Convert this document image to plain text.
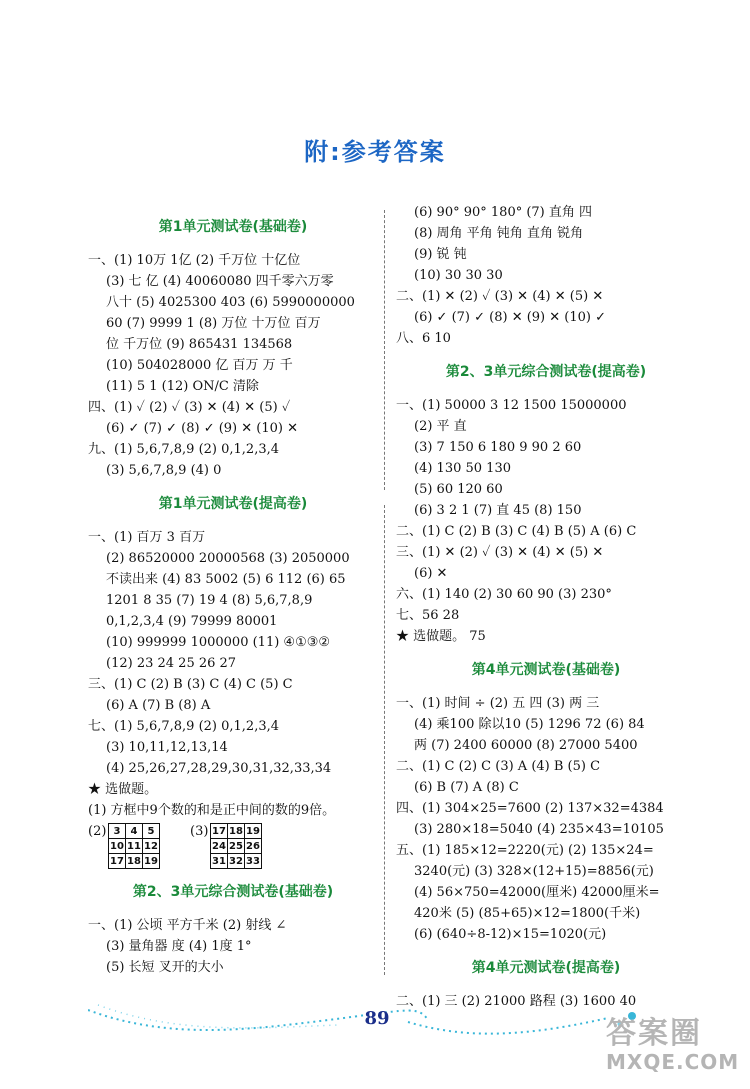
附:参考答案
第1单元测试卷(基础卷)
一、(1) 10万 1亿 (2) 千万位 十亿位
(3) 七 亿 (4) 40060080 四千零六万零
八十 (5) 4025300 403 (6) 5990000000
60 (7) 9999 1 (8) 万位 十万位 百万
位 千万位 (9) 865431 134568
(10) 504028000 亿 百万 万 千
(11) 5 1 (12) ON/C 清除
四、(1) ✓ (2) ✓ (3) ✕ (4) ✕ (5) ✓
(6) ✓ (7) ✓ (8) ✓ (9) ✕ (10) ✕
九、(1) 5,6,7,8,9 (2) 0,1,2,3,4
(3) 5,6,7,8,9 (4) 0
第1单元测试卷(提高卷)
一、(1) 百万 3 百万
(2) 86520000 20000568 (3) 2050000
不读出来 (4) 83 5002 (5) 6 112 (6) 65
1201 8 35 (7) 19 4 (8) 5,6,7,8,9
0,1,2,3,4 (9) 79999 80001
(10) 999999 1000000 (11) ④①③②
(12) 23 24 25 26 27
三、(1) C (2) B (3) C (4) C (5) C
(6) A (7) B (8) A
七、(1) 5,6,7,8,9 (2) 0,1,2,3,4
(3) 10,11,12,13,14
(4) 25,26,27,28,29,30,31,32,33,34
★ 选做题。
(1) 方框中9个数的和是正中间的数的9倍。
(2) 3	4	5
10	11	12
17	18	19
(3) 17	18	19
24	25	26
31	32	33
第2、3单元综合测试卷(基础卷)
一、(1) 公顷 平方千米 (2) 射线 ∠
(3) 量角器 度 (4) 1度 1°
(5) 长短 叉开的大小
(6) 90° 90° 180° (7) 直角 四
(8) 周角 平角 钝角 直角 锐角
(9) 锐 钝
(10) 30 30 30
二、(1) ✕ (2) ✓ (3) ✕ (4) ✕ (5) ✕
(6) ✓ (7) ✓ (8) ✕ (9) ✕ (10) ✓
八、6 10
第2、3单元综合测试卷(提高卷)
一、(1) 50000 3 12 1500 15000000
(2) 平 直
(3) 7 150 6 180 9 90 2 60
(4) 130 50 130
(5) 60 120 60
(6) 3 2 1 (7) 直 45 (8) 150
二、(1) C (2) B (3) C (4) B (5) A (6) C
三、(1) ✕ (2) ✓ (3) ✕ (4) ✕ (5) ✕
(6) ✕
六、(1) 140 (2) 30 60 90 (3) 230°
七、56 28
★ 选做题。 75
第4单元测试卷(基础卷)
一、(1) 时间 ÷ (2) 五 四 (3) 两 三
(4) 乘100 除以10 (5) 1296 72 (6) 84
两 (7) 2400 60000 (8) 27000 5400
二、(1) C (2) C (3) A (4) B (5) C
(6) B (7) A (8) C
四、(1) 304×25=7600 (2) 137×32=4384
(3) 280×18=5040 (4) 235×43=10105
五、(1) 185×12=2220(元) (2) 135×24=
3240(元) (3) 328×(12+15)=8856(元)
(4) 56×750=42000(厘米) 42000厘米=
420米 (5) (85+65)×12=1800(千米)
(6) (640÷8-12)×15=1020(元)
第4单元测试卷(提高卷)
二、(1) 三 (2) 21000 路程 (3) 1600 40
89	答案圈
MXQE.COM
